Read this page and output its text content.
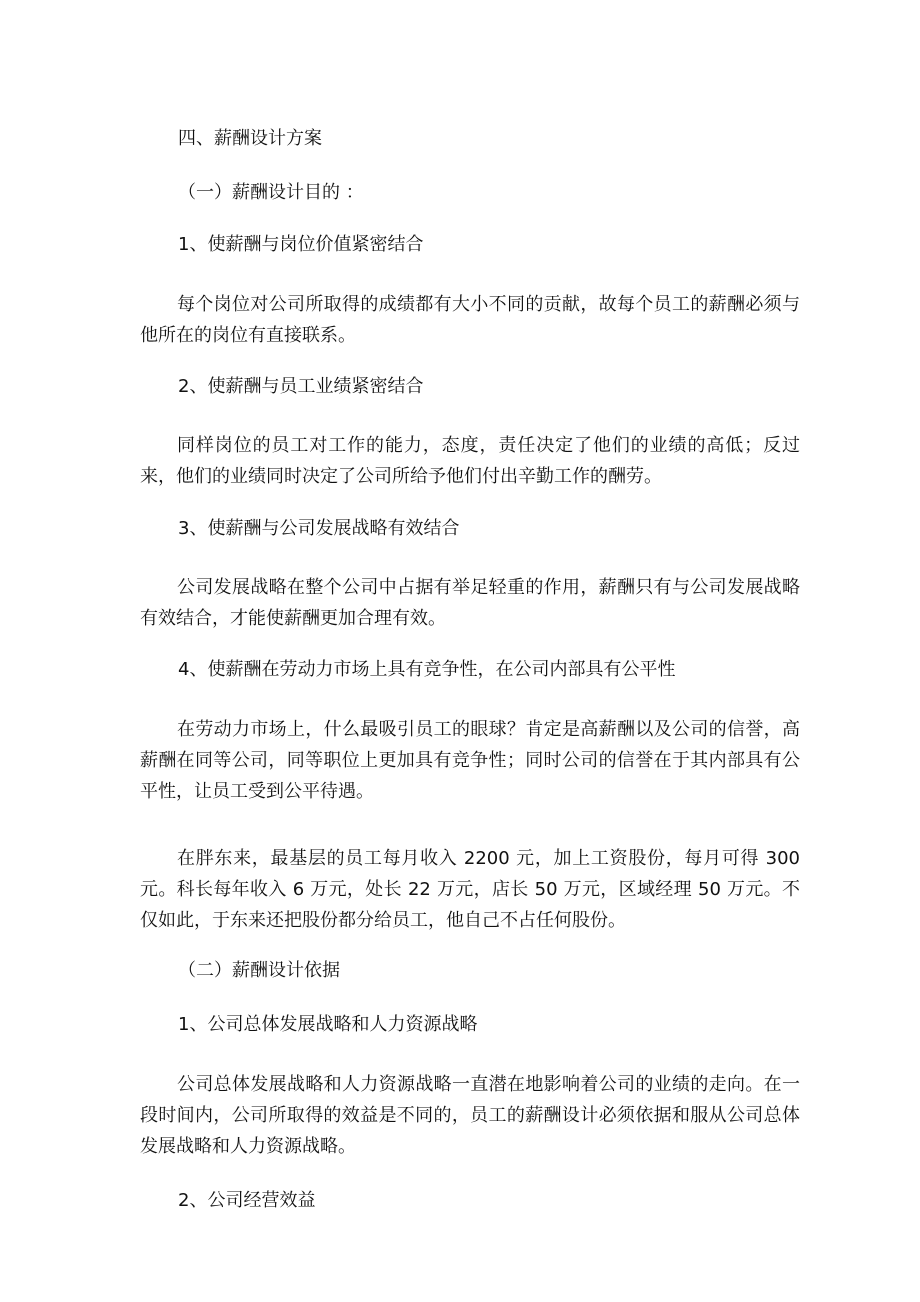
四、薪酬设计方案
（一）薪酬设计目的 ：
1、使薪酬与岗位价值紧密结合
每个岗位对公司所取得的成绩都有大小不同的贡献，故每个员工的薪酬必须与他所在的岗位有直接联系。
2、使薪酬与员工业绩紧密结合
同样岗位的员工对工作的能力，态度，责任决定了他们的业绩的高低；反过来，他们的业绩同时决定了公司所给予他们付出辛勤工作的酬劳。
3、使薪酬与公司发展战略有效结合
公司发展战略在整个公司中占据有举足轻重的作用，薪酬只有与公司发展战略有效结合，才能使薪酬更加合理有效。
4、使薪酬在劳动力市场上具有竞争性，在公司内部具有公平性
在劳动力市场上，什么最吸引员工的眼球？肯定是高薪酬以及公司的信誉，高薪酬在同等公司，同等职位上更加具有竞争性；同时公司的信誉在于其内部具有公平性，让员工受到公平待遇。
在胖东来，最基层的员工每月收入 2200 元，加上工资股份，每月可得 300元。科长每年收入 6 万元，处长 22 万元，店长 50 万元，区域经理 50 万元。不仅如此，于东来还把股份都分给员工，他自己不占任何股份。
（二）薪酬设计依据
1、公司总体发展战略和人力资源战略
公司总体发展战略和人力资源战略一直潜在地影响着公司的业绩的走向。在一段时间内，公司所取得的效益是不同的，员工的薪酬设计必须依据和服从公司总体发展战略和人力资源战略。
2、公司经营效益
